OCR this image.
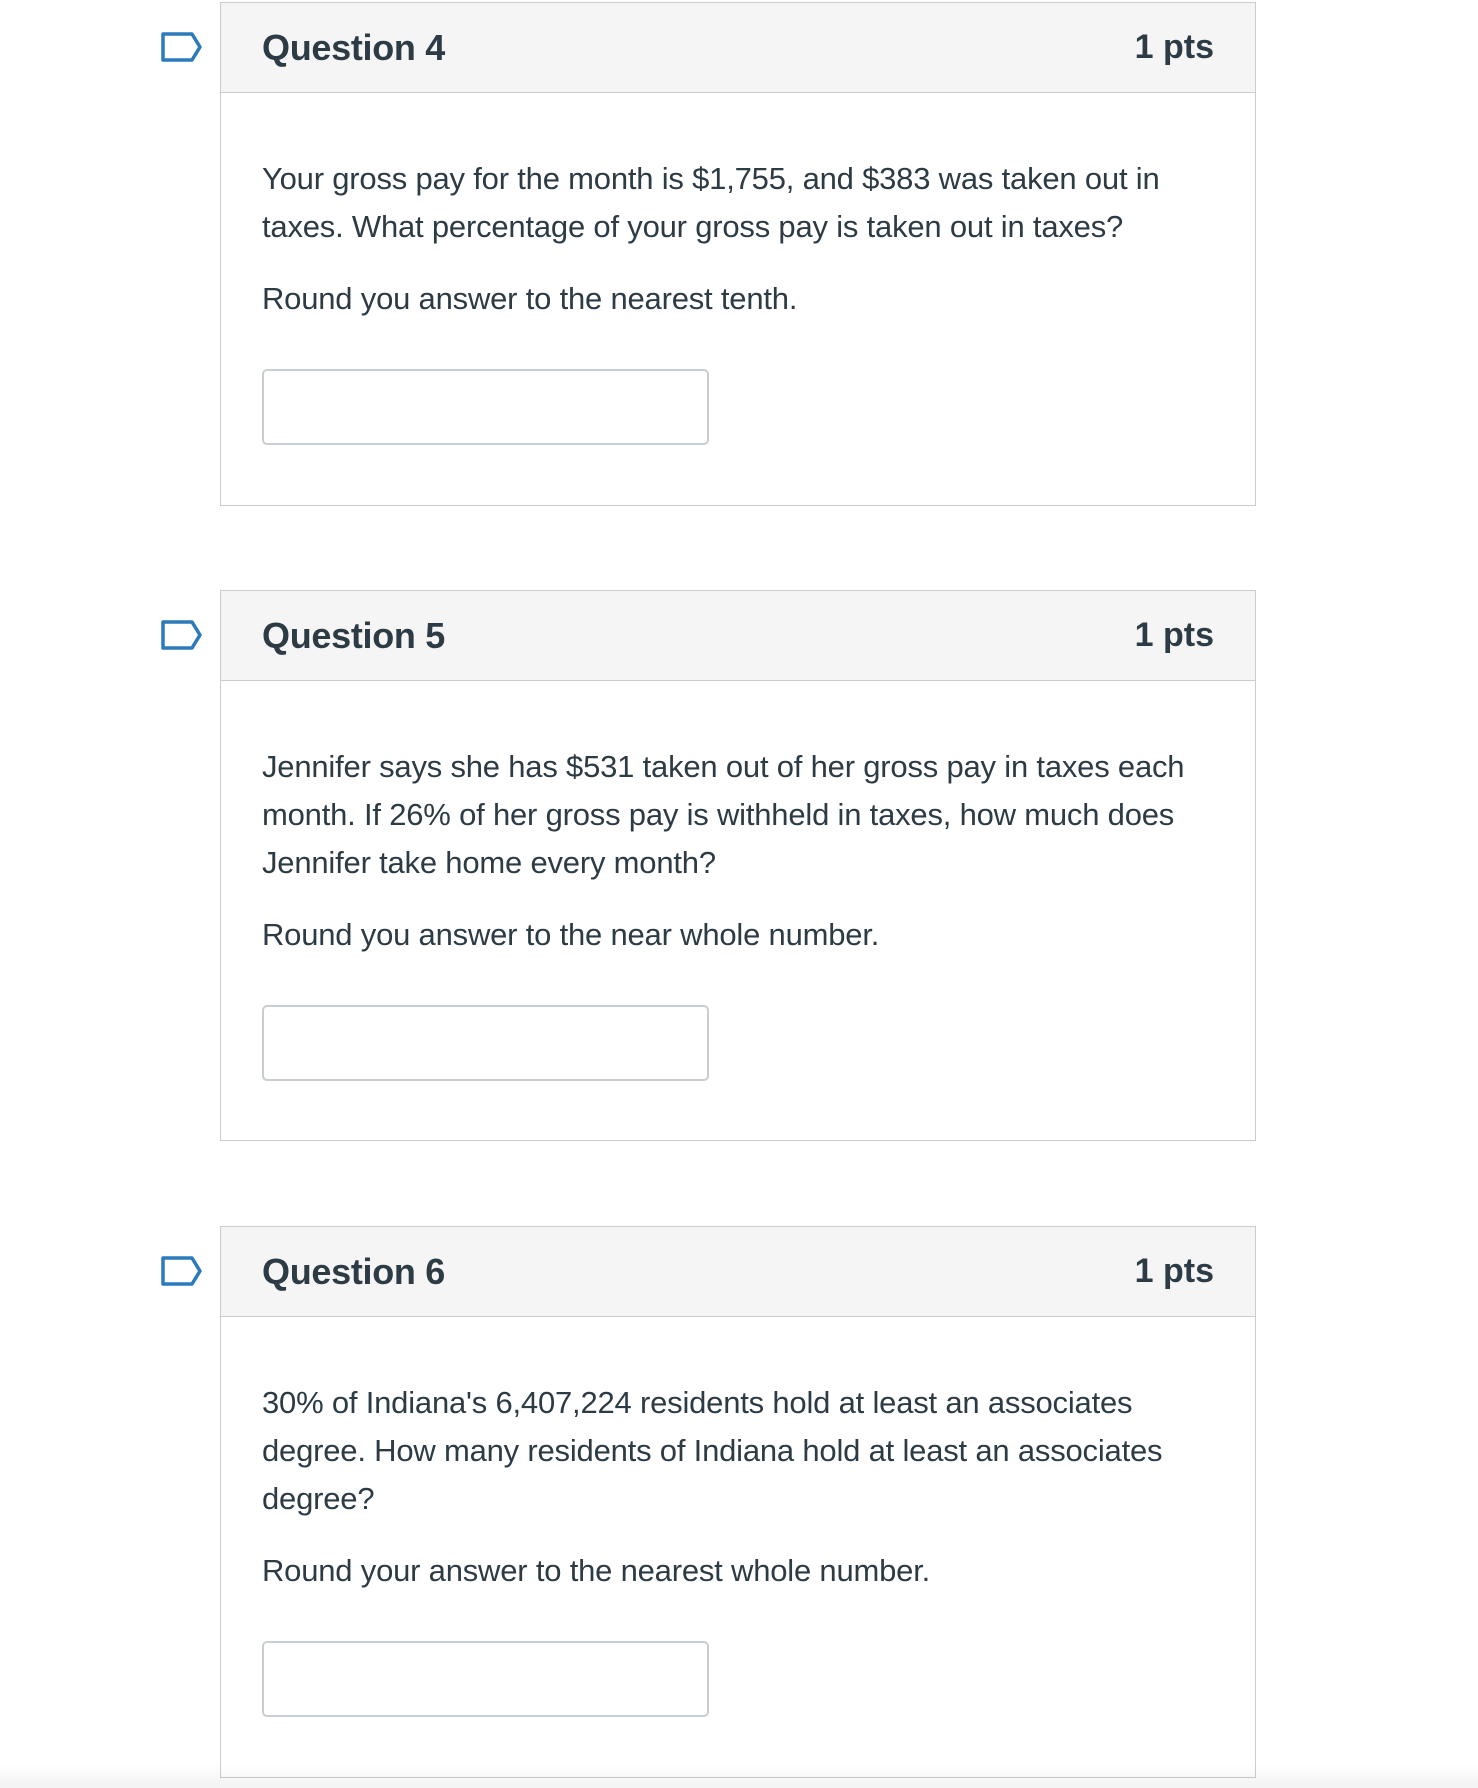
Question 4	1 pts

Your gross pay for the month is $1,755, and $383 was taken out in taxes. What percentage of your gross pay is taken out in taxes?

Round you answer to the nearest tenth.

Question 5	1 pts

Jennifer says she has $531 taken out of her gross pay in taxes each month. If 26% of her gross pay is withheld in taxes, how much does Jennifer take home every month?

Round you answer to the near whole number.

Question 6	1 pts

30% of Indiana's 6,407,224 residents hold at least an associates degree. How many residents of Indiana hold at least an associates degree?

Round your answer to the nearest whole number.
